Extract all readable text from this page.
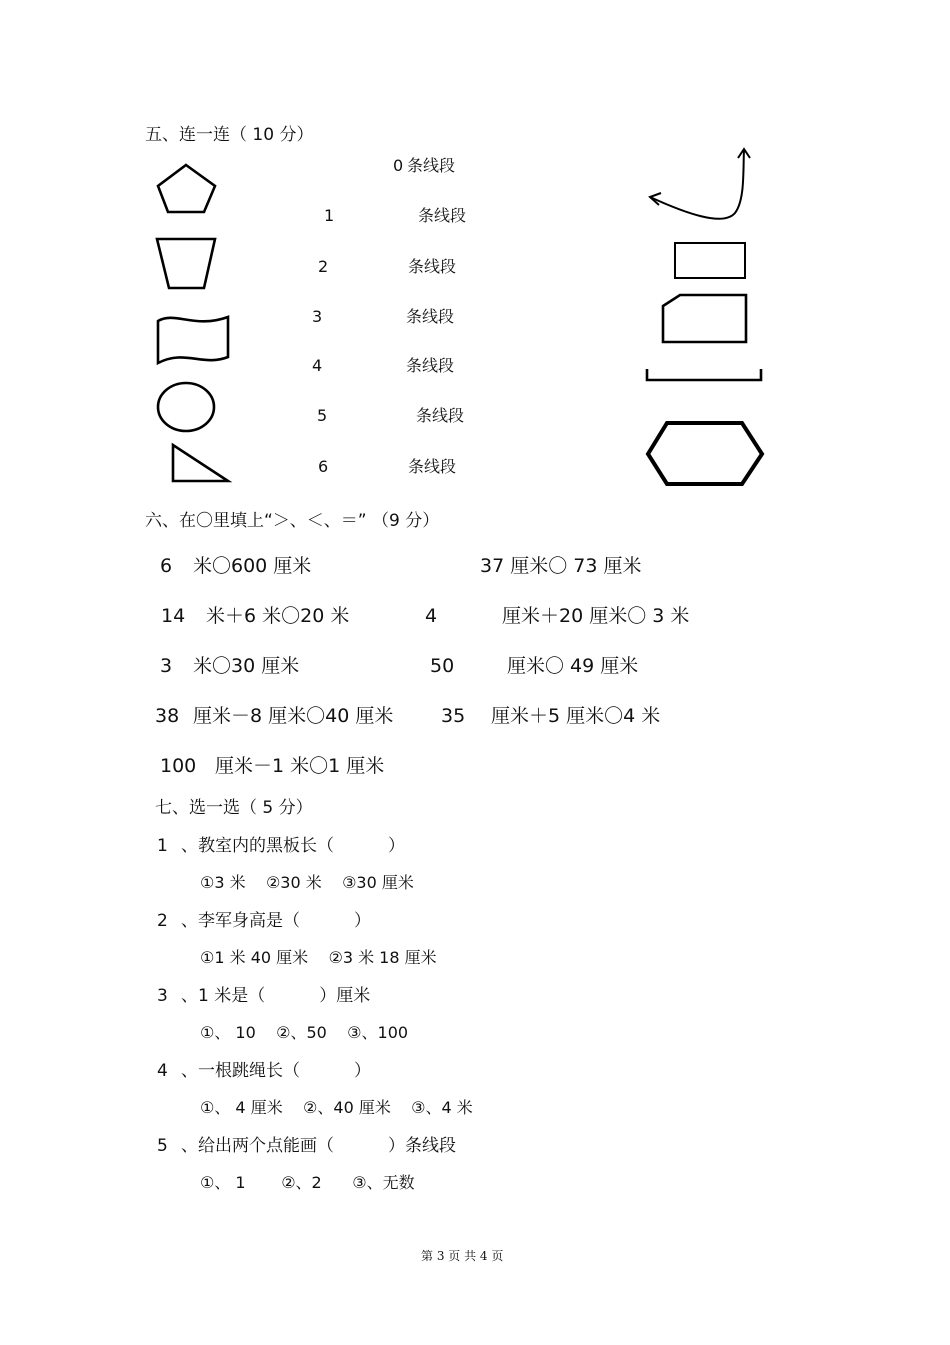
五、连一连（ 10 分）
0 条线段
1	条线段
2	条线段
3	条线段
4	条线段
5	条线段
6	条线段
六、在〇里填上“＞、＜、＝” （9 分）
6 米〇600 厘米	37 厘米〇 73 厘米
14 米＋6 米〇20 米	4	厘米＋20 厘米〇 3 米
3 米〇30 厘米	50	厘米〇 49 厘米
38 厘米－8 厘米〇40 厘米	35 厘米＋5 厘米〇4 米
100 厘米－1 米〇1 厘米
七、选一选（ 5 分）
1 、教室内的黑板长（          ）
①3 米    ②30 米    ③30 厘米
2 、李军身高是（          ）
①1 米 40 厘米    ②3 米 18 厘米
3 、1 米是（          ）厘米
①、 10    ②、50    ③、100
4 、一根跳绳长（          ）
①、 4 厘米    ②、40 厘米    ③、4 米
5 、给出两个点能画（          ）条线段
①、 1       ②、2      ③、无数
第 3 页 共 4 页
